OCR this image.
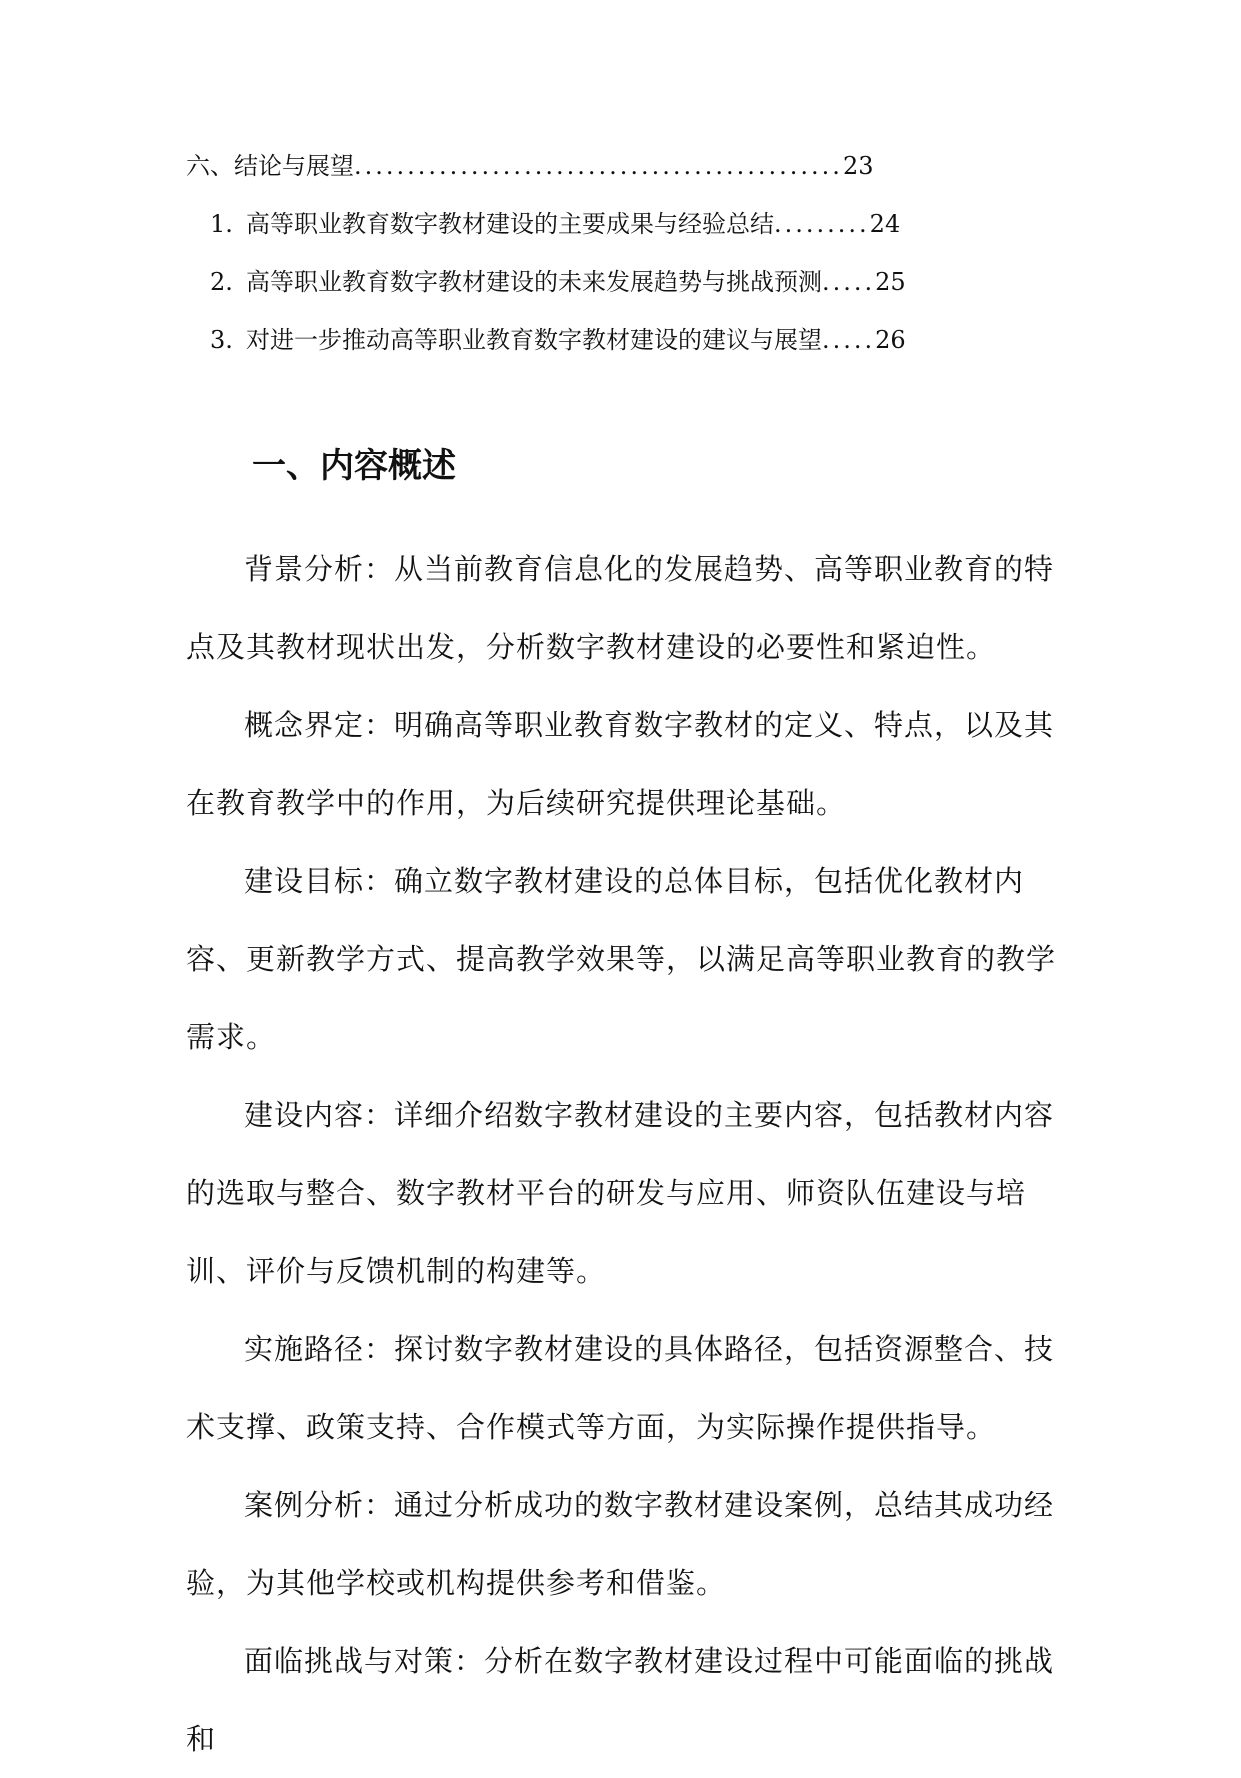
六、结论与展望..............................................23
1. 高等职业教育数字教材建设的主要成果与经验总结.........24
2. 高等职业教育数字教材建设的未来发展趋势与挑战预测.....25
3. 对进一步推动高等职业教育数字教材建设的建议与展望.....26
一、内容概述

背景分析：从当前教育信息化的发展趋势、高等职业教育的特点及其教材现状出发，分析数字教材建设的必要性和紧迫性。

概念界定：明确高等职业教育数字教材的定义、特点，以及其在教育教学中的作用，为后续研究提供理论基础。

建设目标：确立数字教材建设的总体目标，包括优化教材内容、更新教学方式、提高教学效果等，以满足高等职业教育的教学需求。

建设内容：详细介绍数字教材建设的主要内容，包括教材内容的选取与整合、数字教材平台的研发与应用、师资队伍建设与培训、评价与反馈机制的构建等。

实施路径：探讨数字教材建设的具体路径，包括资源整合、技术支撑、政策支持、合作模式等方面，为实际操作提供指导。

案例分析：通过分析成功的数字教材建设案例，总结其成功经验，为其他学校或机构提供参考和借鉴。

面临挑战与对策：分析在数字教材建设过程中可能面临的挑战和
